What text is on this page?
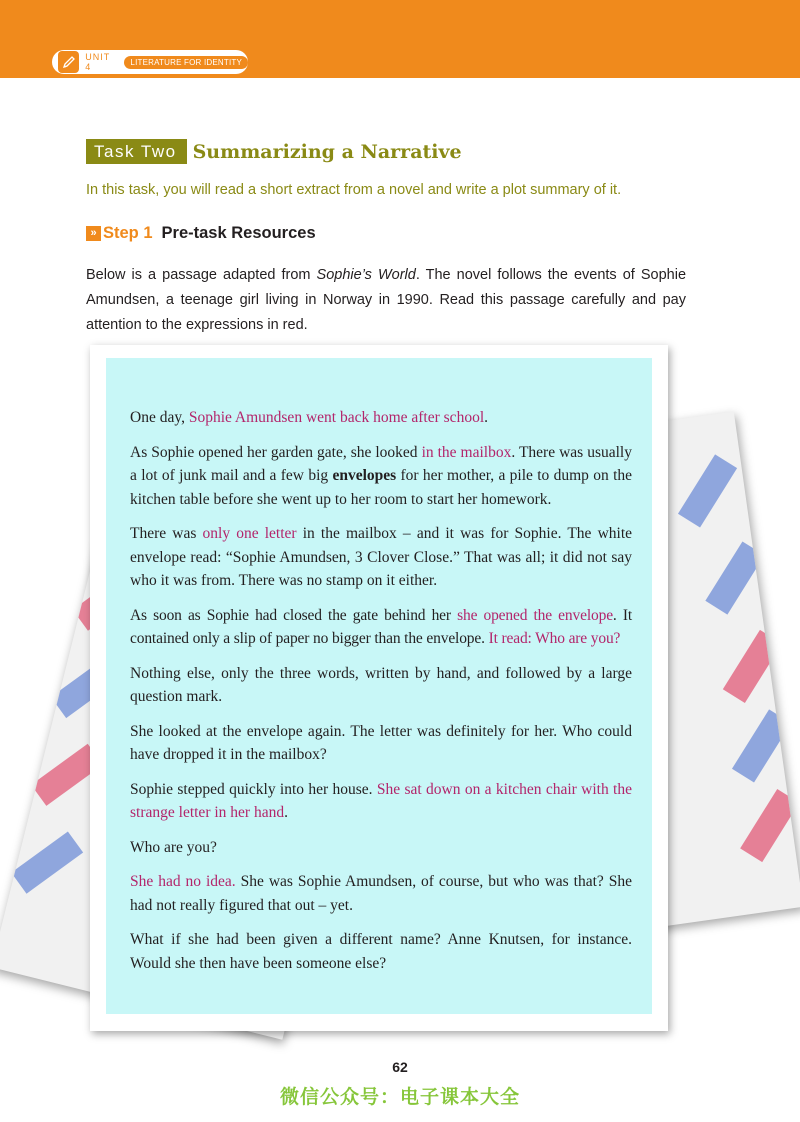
UNIT 4	LITERATURE FOR IDENTITY
Task Two Summarizing a Narrative
In this task, you will read a short extract from a novel and write a plot summary of it.
» Step 1 Pre-task Resources

Below is a passage adapted from Sophie’s World. The novel follows the events of Sophie Amundsen, a teenage girl living in Norway in 1990. Read this passage carefully and pay attention to the expressions in red.

One day, Sophie Amundsen went back home after school.

As Sophie opened her garden gate, she looked in the mailbox. There was usually a lot of junk mail and a few big envelopes for her mother, a pile to dump on the kitchen table before she went up to her room to start her homework.

There was only one letter in the mailbox – and it was for Sophie. The white envelope read: “Sophie Amundsen, 3 Clover Close.” That was all; it did not say who it was from. There was no stamp on it either.

As soon as Sophie had closed the gate behind her she opened the envelope. It contained only a slip of paper no bigger than the envelope. It read: Who are you?

Nothing else, only the three words, written by hand, and followed by a large question mark.

She looked at the envelope again. The letter was definitely for her. Who could have dropped it in the mailbox?

Sophie stepped quickly into her house. She sat down on a kitchen chair with the strange letter in her hand.

Who are you?

She had no idea. She was Sophie Amundsen, of course, but who was that? She had not really figured that out – yet.

What if she had been given a different name? Anne Knutsen, for instance. Would she then have been someone else?

62
微信公众号：电子课本大全
